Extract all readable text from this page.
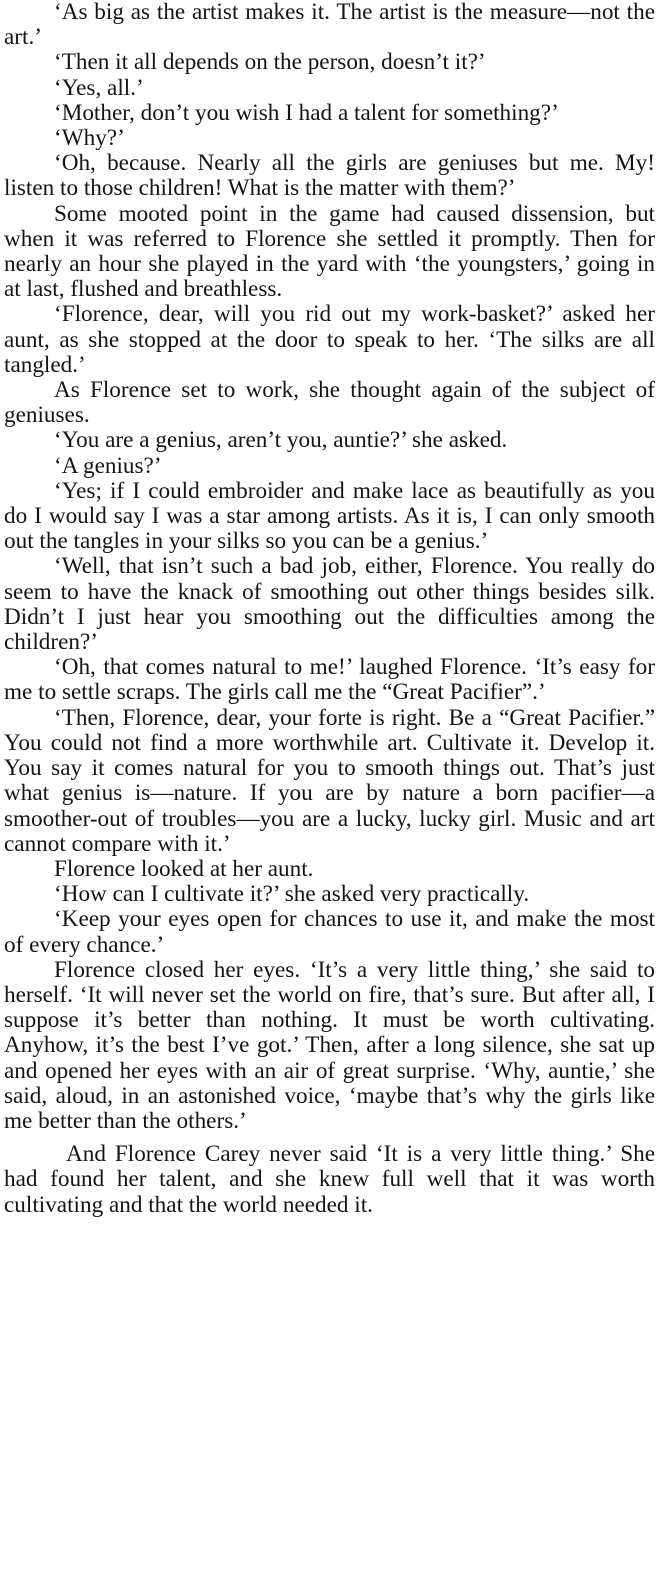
‘As big as the artist makes it. The artist is the measure—not the art.’

‘Then it all depends on the person, doesn’t it?’

‘Yes, all.’

‘Mother, don’t you wish I had a talent for something?’

‘Why?’

‘Oh, because. Nearly all the girls are geniuses but me. My! listen to those children! What is the matter with them?’

Some mooted point in the game had caused dissension, but when it was referred to Florence she settled it promptly. Then for nearly an hour she played in the yard with ‘the youngsters,’ going in at last, flushed and breathless.

‘Florence, dear, will you rid out my work-basket?’ asked her aunt, as she stopped at the door to speak to her. ‘The silks are all tangled.’

As Florence set to work, she thought again of the subject of geniuses.

‘You are a genius, aren’t you, auntie?’ she asked.

‘A genius?’

‘Yes; if I could embroider and make lace as beautifully as you do I would say I was a star among artists. As it is, I can only smooth out the tangles in your silks so you can be a genius.’

‘Well, that isn’t such a bad job, either, Florence. You really do seem to have the knack of smoothing out other things besides silk. Didn’t I just hear you smoothing out the difficulties among the children?’

‘Oh, that comes natural to me!’ laughed Florence. ‘It’s easy for me to settle scraps. The girls call me the “Great Pacifier”.’

‘Then, Florence, dear, your forte is right. Be a “Great Pacifier.” You could not find a more worthwhile art. Cultivate it. Develop it. You say it comes natural for you to smooth things out. That’s just what genius is—nature. If you are by nature a born pacifier—a smoother-out of troubles—you are a lucky, lucky girl. Music and art cannot compare with it.’

Florence looked at her aunt.

‘How can I cultivate it?’ she asked very practically.

‘Keep your eyes open for chances to use it, and make the most of every chance.’

Florence closed her eyes. ‘It’s a very little thing,’ she said to herself. ‘It will never set the world on fire, that’s sure. But after all, I suppose it’s better than nothing. It must be worth cultivating. Anyhow, it’s the best I’ve got.’ Then, after a long silence, she sat up and opened her eyes with an air of great surprise. ‘Why, auntie,’ she said, aloud, in an astonished voice, ‘maybe that’s why the girls like me better than the others.’

And Florence Carey never said ‘It is a very little thing.’ She had found her talent, and she knew full well that it was worth cultivating and that the world needed it.
